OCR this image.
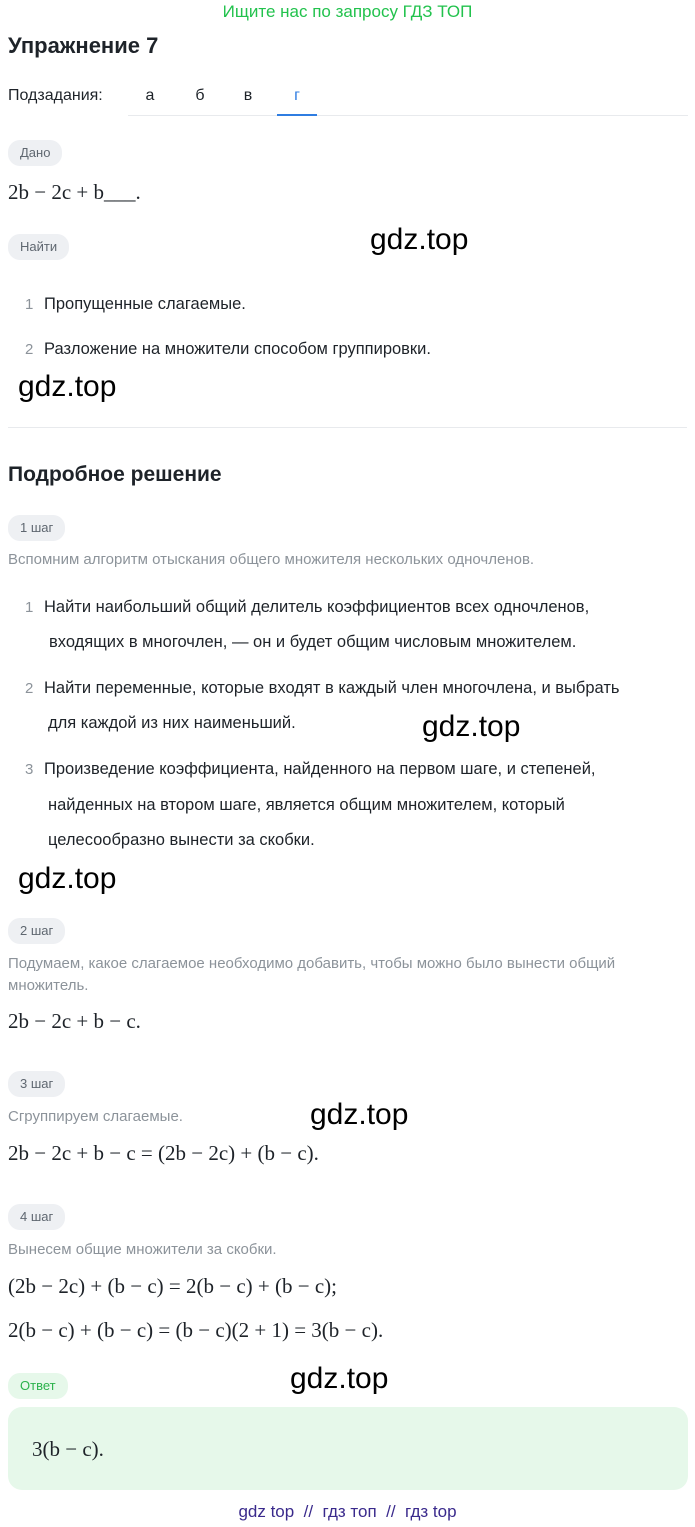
Ищите нас по запросу ГДЗ ТОП
Упражнение 7
Подзадания:	а	б	в	г
Дано
2b − 2c + b___.
Найти	gdz.top
1 Пропущенные слагаемые.
2 Разложение на множители способом группировки.
gdz.top
Подробное решение
1 шаг
Вспомним алгоритм отыскания общего множителя нескольких одночленов.
1 Найти наибольший общий делитель коэффициентов всех одночленов,
входящих в многочлен, — он и будет общим числовым множителем.
2 Найти переменные, которые входят в каждый член многочлена, и выбрать
для каждой из них наименьший.	gdz.top
3 Произведение коэффициента, найденного на первом шаге, и степеней,
найденных на втором шаге, является общим множителем, который
целесообразно вынести за скобки.
gdz.top
2 шаг
Подумаем, какое слагаемое необходимо добавить, чтобы можно было вынести общий
множитель.
2b − 2c + b − c.
3 шаг
Сгруппируем слагаемые.	gdz.top
2b − 2c + b − c = (2b − 2c) + (b − c).
4 шаг
Вынесем общие множители за скобки.
(2b − 2c) + (b − c) = 2(b − c) + (b − c);
2(b − c) + (b − c) = (b − c)(2 + 1) = 3(b − c).
Ответ	gdz.top
3(b − c).
gdz top  //  гдз топ  //  гдз top
